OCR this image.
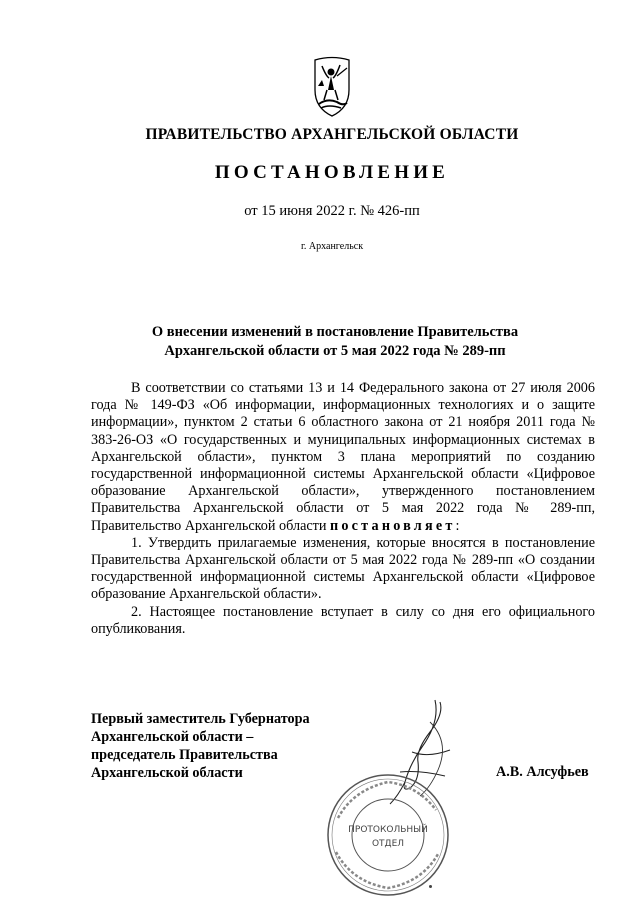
ПРАВИТЕЛЬСТВО АРХАНГЕЛЬСКОЙ ОБЛАСТИ
ПОСТАНОВЛЕНИЕ
от 15 июня 2022 г. № 426-пп
г. Архангельск
О внесении изменений в постановление Правительства
Архангельской области от 5 мая 2022 года № 289-пп

В соответствии со статьями 13 и 14 Федерального закона от 27 июля 2006 года № 149-ФЗ «Об информации, информационных технологиях и о защите информации», пунктом 2 статьи 6 областного закона от 21 ноября 2011 года № 383-26-ОЗ «О государственных и муниципальных информационных системах в Архангельской области», пунктом 3 плана мероприятий по созданию государственной информационной системы Архангельской области «Цифровое образование Архангельской области», утвержденного постановлением Правительства Архангельской области от 5 мая 2022 года № 289-пп, Правительство Архангельской области постановляет:

1. Утвердить прилагаемые изменения, которые вносятся в постановление Правительства Архангельской области от 5 мая 2022 года № 289-пп «О создании государственной информационной системы Архангельской области «Цифровое образование Архангельской области».

2. Настоящее постановление вступает в силу со дня его официального опубликования.

Первый заместитель Губернатора
Архангельской области –
председатель Правительства
Архангельской области	А.В. Алсуфьев
ПРОТОКОЛЬНЫЙ
ОТДЕЛ
